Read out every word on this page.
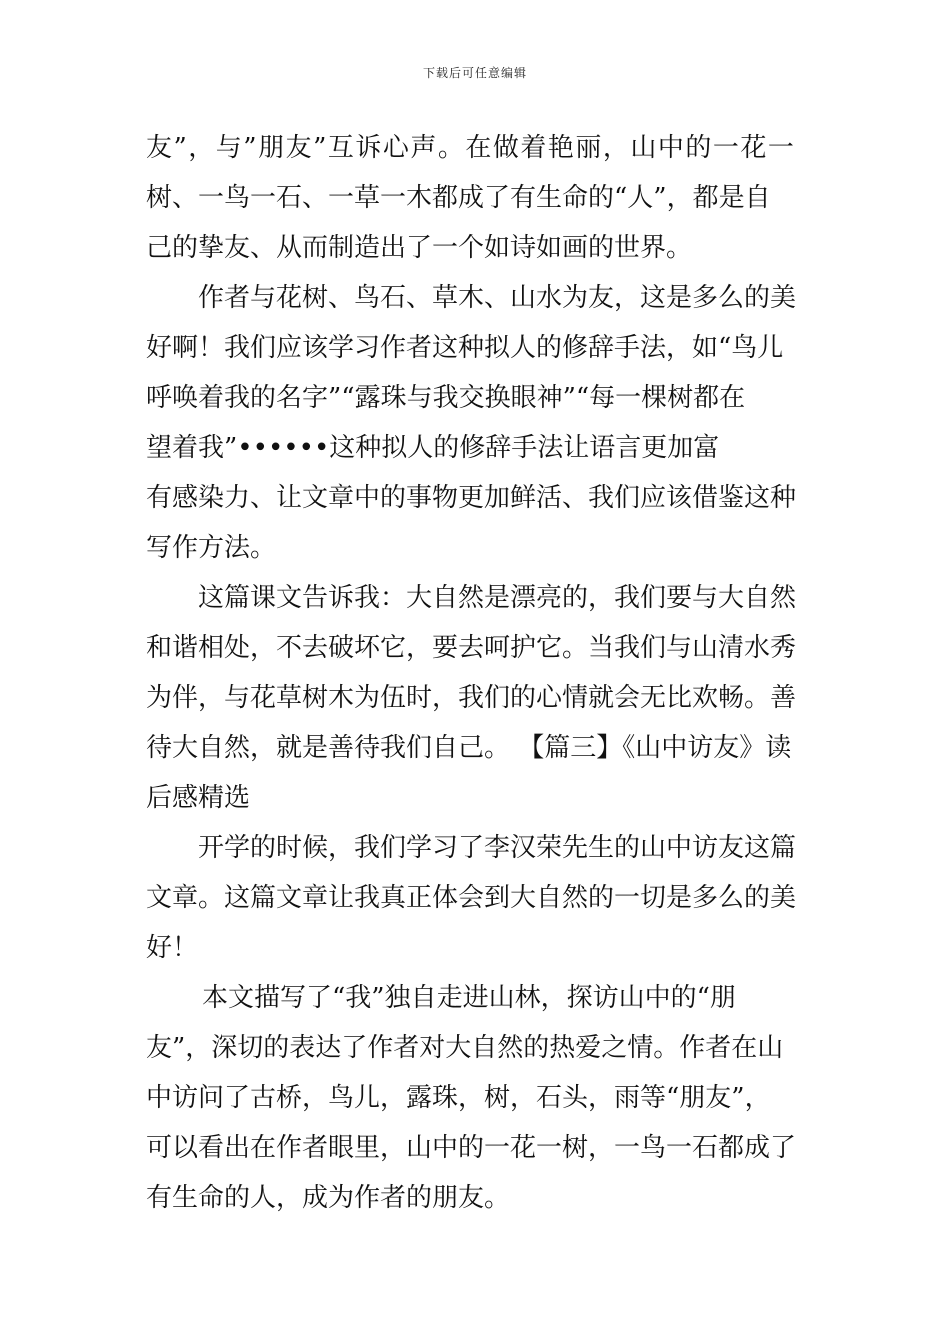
下载后可任意编辑
友”，与”朋友”互诉心声。在做着艳丽，山中的一花一
树、一鸟一石、一草一木都成了有生命的“人”，都是自
己的挚友、从而制造出了一个如诗如画的世界。
作者与花树、鸟石、草木、山水为友，这是多么的美
好啊！我们应该学习作者这种拟人的修辞手法，如“鸟儿
呼唤着我的名字”“露珠与我交换眼神”“每一棵树都在
望着我”••••••这种拟人的修辞手法让语言更加富
有感染力、让文章中的事物更加鲜活、我们应该借鉴这种
写作方法。
这篇课文告诉我：大自然是漂亮的，我们要与大自然
和谐相处，不去破坏它，要去呵护它。当我们与山清水秀
为伴，与花草树木为伍时，我们的心情就会无比欢畅。善
待大自然，就是善待我们自己。 【篇三】《山中访友》读
后感精选
开学的时候，我们学习了李汉荣先生的山中访友这篇
文章。这篇文章让我真正体会到大自然的一切是多么的美
好！
本文描写了“我”独自走进山林，探访山中的“朋
友”，深切的表达了作者对大自然的热爱之情。作者在山
中访问了古桥，鸟儿，露珠，树，石头，雨等“朋友”，
可以看出在作者眼里，山中的一花一树，一鸟一石都成了
有生命的人，成为作者的朋友。
